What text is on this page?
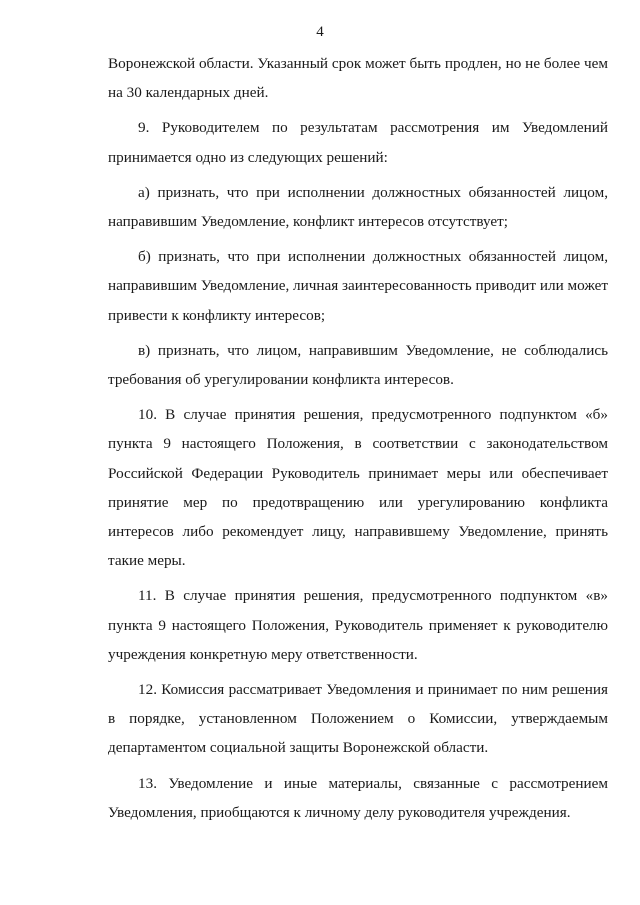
4

Воронежской области. Указанный срок может быть продлен, но не более чем на 30 календарных дней.

9. Руководителем по результатам рассмотрения им Уведомлений принимается одно из следующих решений:

а) признать, что при исполнении должностных обязанностей лицом, направившим Уведомление, конфликт интересов отсутствует;

б) признать, что при исполнении должностных обязанностей лицом, направившим Уведомление, личная заинтересованность приводит или может привести к конфликту интересов;

в) признать, что лицом, направившим Уведомление, не соблюдались требования об урегулировании конфликта интересов.

10. В случае принятия решения, предусмотренного подпунктом «б» пункта 9 настоящего Положения, в соответствии с законодательством Российской Федерации Руководитель принимает меры или обеспечивает принятие мер по предотвращению или урегулированию конфликта интересов либо рекомендует лицу, направившему Уведомление, принять такие меры.

11. В случае принятия решения, предусмотренного подпунктом «в» пункта 9 настоящего Положения, Руководитель применяет к руководителю учреждения конкретную меру ответственности.

12. Комиссия рассматривает Уведомления и принимает по ним решения в порядке, установленном Положением о Комиссии, утверждаемым департаментом социальной защиты Воронежской области.

13. Уведомление и иные материалы, связанные с рассмотрением Уведомления, приобщаются к личному делу руководителя учреждения.
